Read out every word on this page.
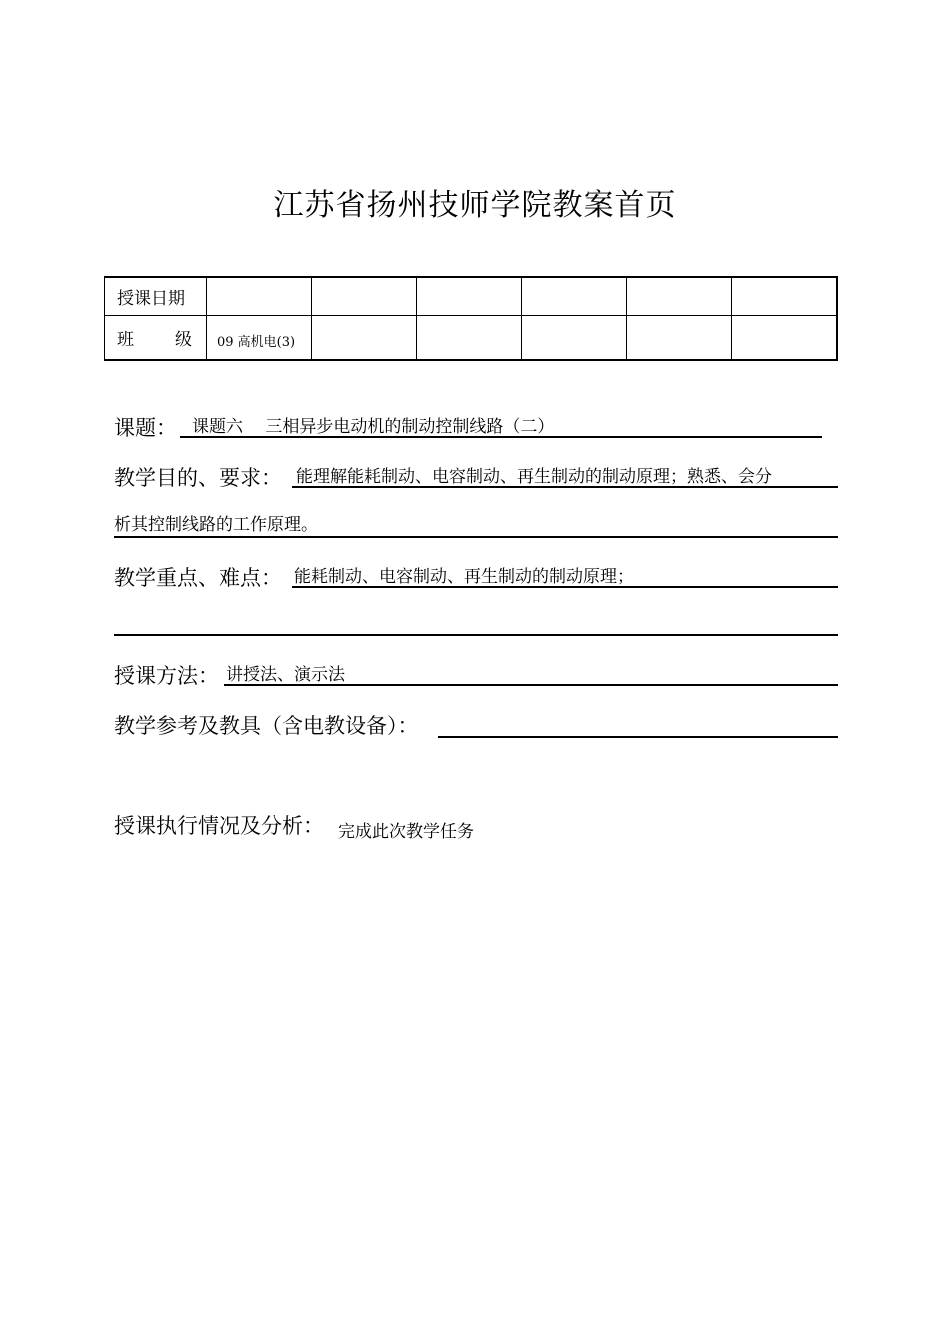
江苏省扬州技师学院教案首页
授课日期						

班 级	09 高机电(3)					
课题： 课题六　 三相异步电动机的制动控制线路（二）
教学目的、要求： 能理解能耗制动、电容制动、再生制动的制动原理；熟悉、会分
析其控制线路的工作原理。
教学重点、难点： 能耗制动、电容制动、再生制动的制动原理；
授课方法： 讲授法、演示法
教学参考及教具（含电教设备）：
授课执行情况及分析： 完成此次教学任务
